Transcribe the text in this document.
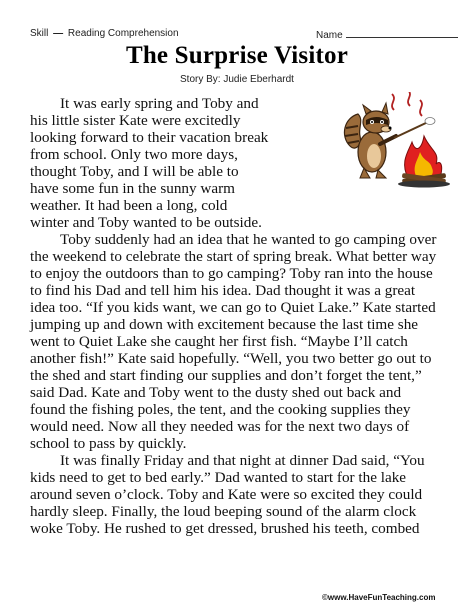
Skill — Reading Comprehension	Name
The Surprise Visitor
Story By: Judie Eberhardt
It was early spring and Toby and
his little sister Kate were excitedly
looking forward to their vacation break
from school. Only two more days,
thought Toby, and I will be able to
have some fun in the sunny warm
weather. It had been a long, cold
winter and Toby wanted to be outside.
Toby suddenly had an idea that he wanted to go camping over
the weekend to celebrate the start of spring break. What better way
to enjoy the outdoors than to go camping? Toby ran into the house
to find his Dad and tell him his idea. Dad thought it was a great
idea too. “If you kids want, we can go to Quiet Lake.” Kate started
jumping up and down with excitement because the last time she
went to Quiet Lake she caught her first fish. “Maybe I’ll catch
another fish!” Kate said hopefully. “Well, you two better go out to
the shed and start finding our supplies and don’t forget the tent,”
said Dad. Kate and Toby went to the dusty shed out back and
found the fishing poles, the tent, and the cooking supplies they
would need. Now all they needed was for the next two days of
school to pass by quickly.
It was finally Friday and that night at dinner Dad said, “You
kids need to get to bed early.” Dad wanted to start for the lake
around seven o’clock. Toby and Kate were so excited they could
hardly sleep. Finally, the loud beeping sound of the alarm clock
woke Toby. He rushed to get dressed, brushed his teeth, combed
©www.HaveFunTeaching.com
